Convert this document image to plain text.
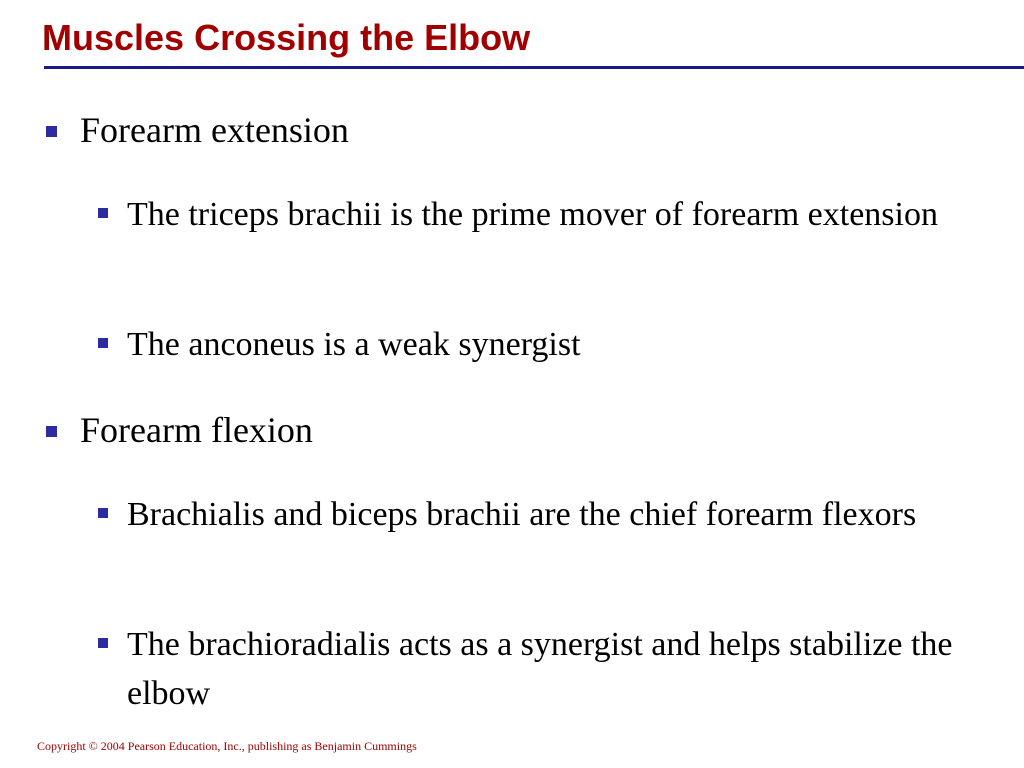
Muscles Crossing the Elbow
Forearm extension
The triceps brachii is the prime mover of forearm extension
The anconeus is a weak synergist
Forearm flexion
Brachialis and biceps brachii are the chief forearm flexors
The brachioradialis acts as a synergist and helps stabilize the elbow
Copyright © 2004 Pearson Education, Inc., publishing as Benjamin Cummings
